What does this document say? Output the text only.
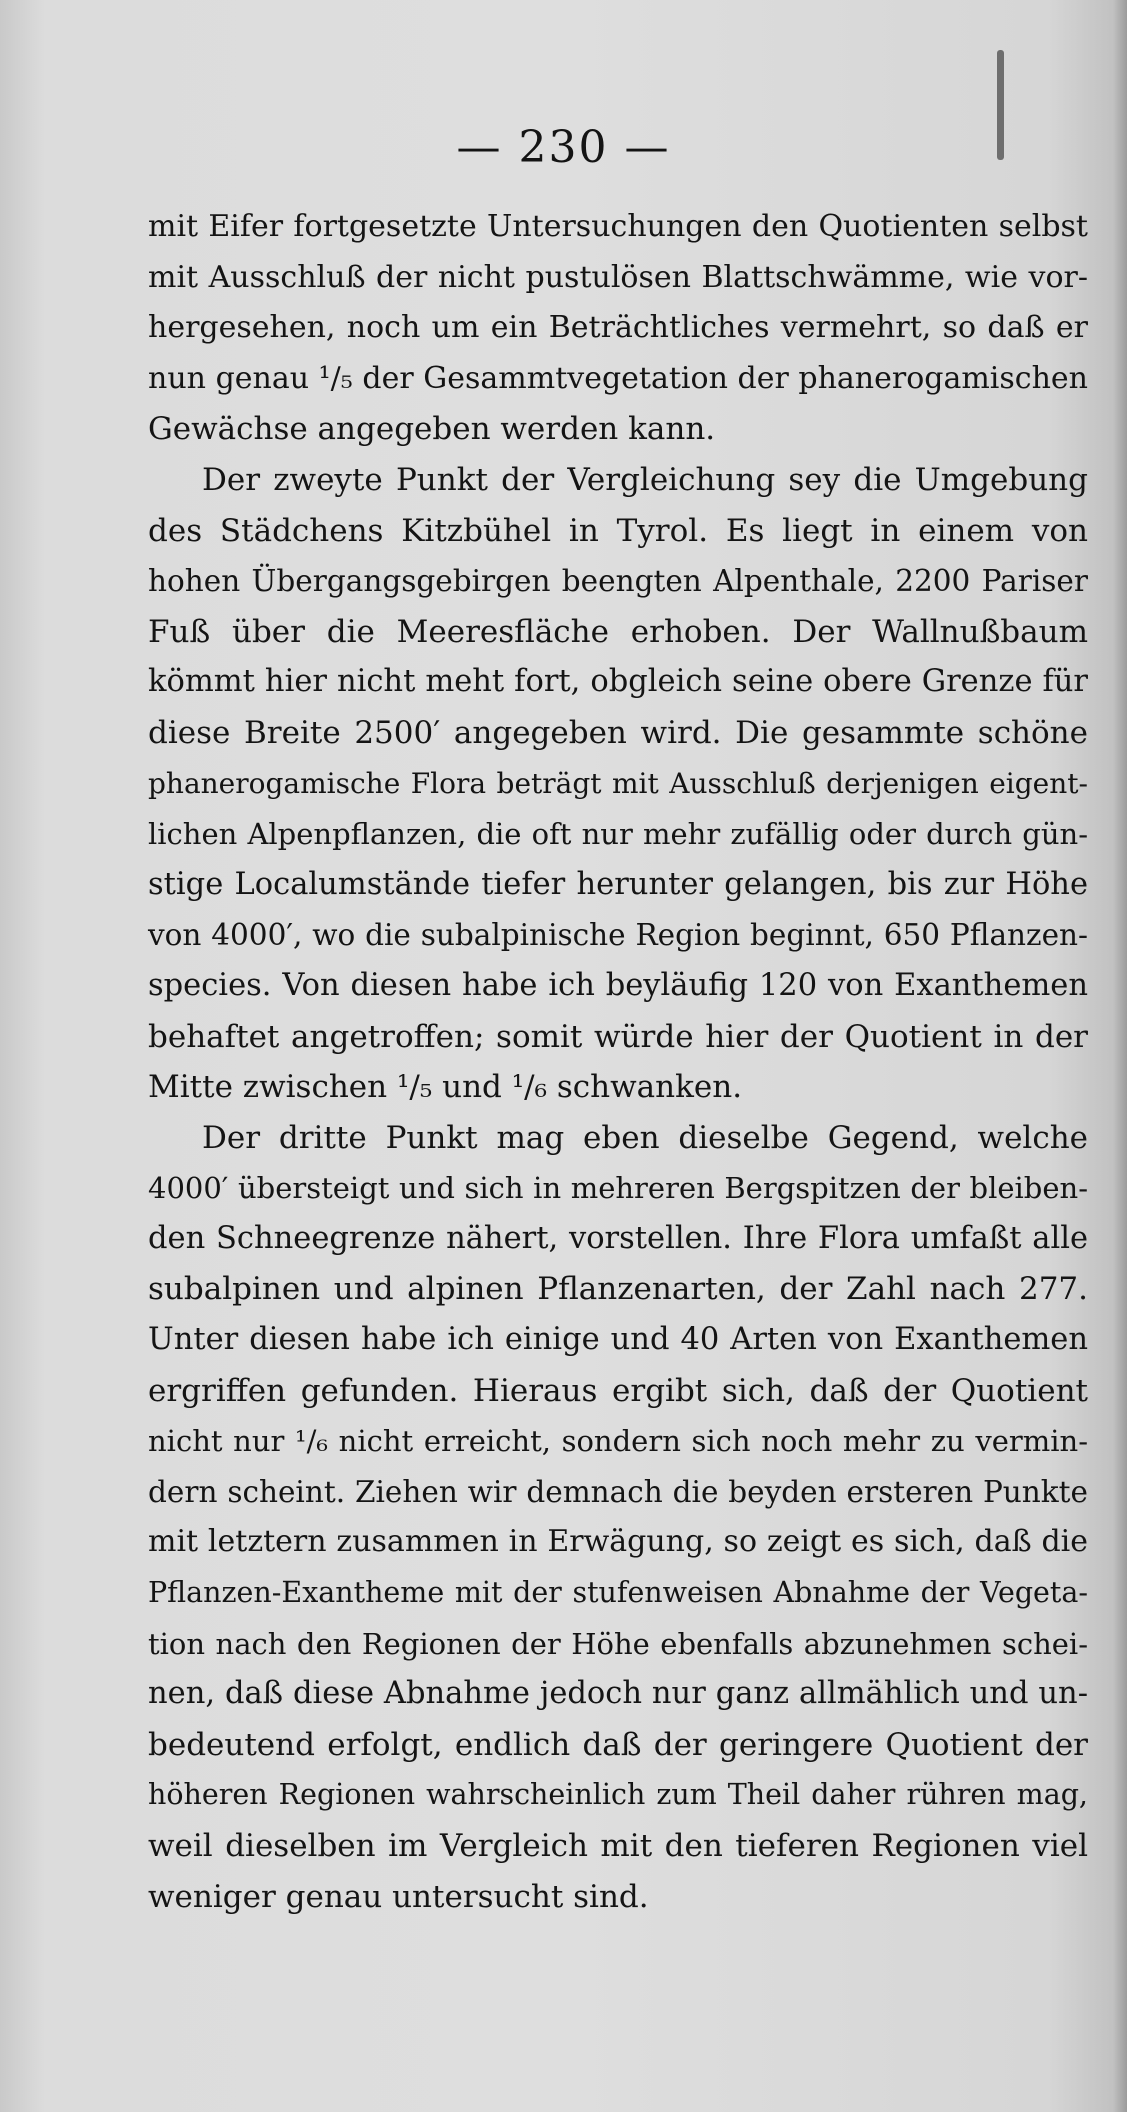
— 230 —
mit Eifer fortgesetzte Untersuchungen den Quotienten selbst
mit Ausschluß der nicht pustulösen Blattschwämme, wie vor-
hergesehen, noch um ein Beträchtliches vermehrt, so daß er
nun genau ¹/₅ der Gesammtvegetation der phanerogamischen
Gewächse angegeben werden kann.
Der zweyte Punkt der Vergleichung sey die Umgebung
des Städchens Kitzbühel in Tyrol. Es liegt in einem von
hohen Übergangsgebirgen beengten Alpenthale, 2200 Pariser
Fuß über die Meeresfläche erhoben. Der Wallnußbaum
kömmt hier nicht meht fort, obgleich seine obere Grenze für
diese Breite 2500′ angegeben wird. Die gesammte schöne
phanerogamische Flora beträgt mit Ausschluß derjenigen eigent-
lichen Alpenpflanzen, die oft nur mehr zufällig oder durch gün-
stige Localumstände tiefer herunter gelangen, bis zur Höhe
von 4000′, wo die subalpinische Region beginnt, 650 Pflanzen-
species. Von diesen habe ich beyläufig 120 von Exanthemen
behaftet angetroffen; somit würde hier der Quotient in der
Mitte zwischen ¹/₅ und ¹/₆ schwanken.
Der dritte Punkt mag eben dieselbe Gegend, welche
4000′ übersteigt und sich in mehreren Bergspitzen der bleiben-
den Schneegrenze nähert, vorstellen. Ihre Flora umfaßt alle
subalpinen und alpinen Pflanzenarten, der Zahl nach 277.
Unter diesen habe ich einige und 40 Arten von Exanthemen
ergriffen gefunden. Hieraus ergibt sich, daß der Quotient
nicht nur ¹/₆ nicht erreicht, sondern sich noch mehr zu vermin-
dern scheint. Ziehen wir demnach die beyden ersteren Punkte
mit letztern zusammen in Erwägung, so zeigt es sich, daß die
Pflanzen-Exantheme mit der stufenweisen Abnahme der Vegeta-
tion nach den Regionen der Höhe ebenfalls abzunehmen schei-
nen, daß diese Abnahme jedoch nur ganz allmählich und un-
bedeutend erfolgt, endlich daß der geringere Quotient der
höheren Regionen wahrscheinlich zum Theil daher rühren mag,
weil dieselben im Vergleich mit den tieferen Regionen viel
weniger genau untersucht sind.
